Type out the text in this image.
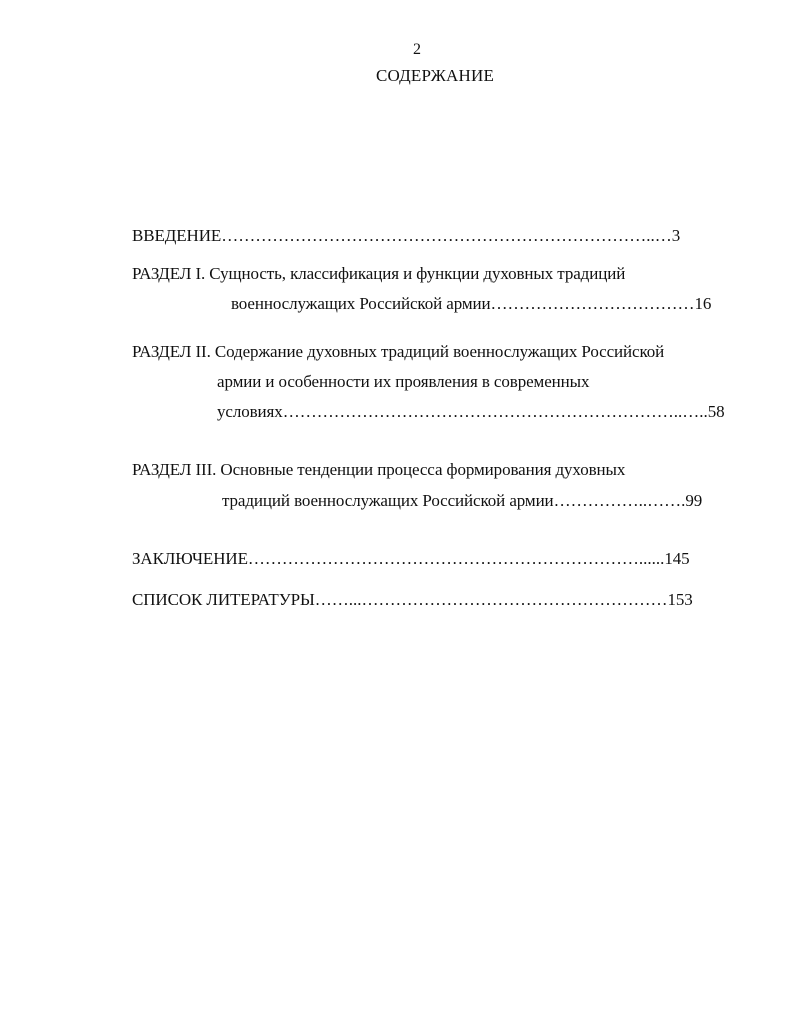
2
СОДЕРЖАНИЕ
ВВЕДЕНИЕ…………………………………………………………………..…3
РАЗДЕЛ I. Сущность, классификация и функции духовных традиций
военнослужащих Российской армии………………………………16
РАЗДЕЛ II. Содержание духовных традиций военнослужащих Российской
армии и особенности их проявления в современных
условиях……………………………………………………………..…..58
РАЗДЕЛ III. Основные тенденции процесса формирования духовных
традиций военнослужащих Российской армии……………..…….99
ЗАКЛЮЧЕНИЕ……………………………………………………………......145
СПИСОК ЛИТЕРАТУРЫ……...………………………………………………153
